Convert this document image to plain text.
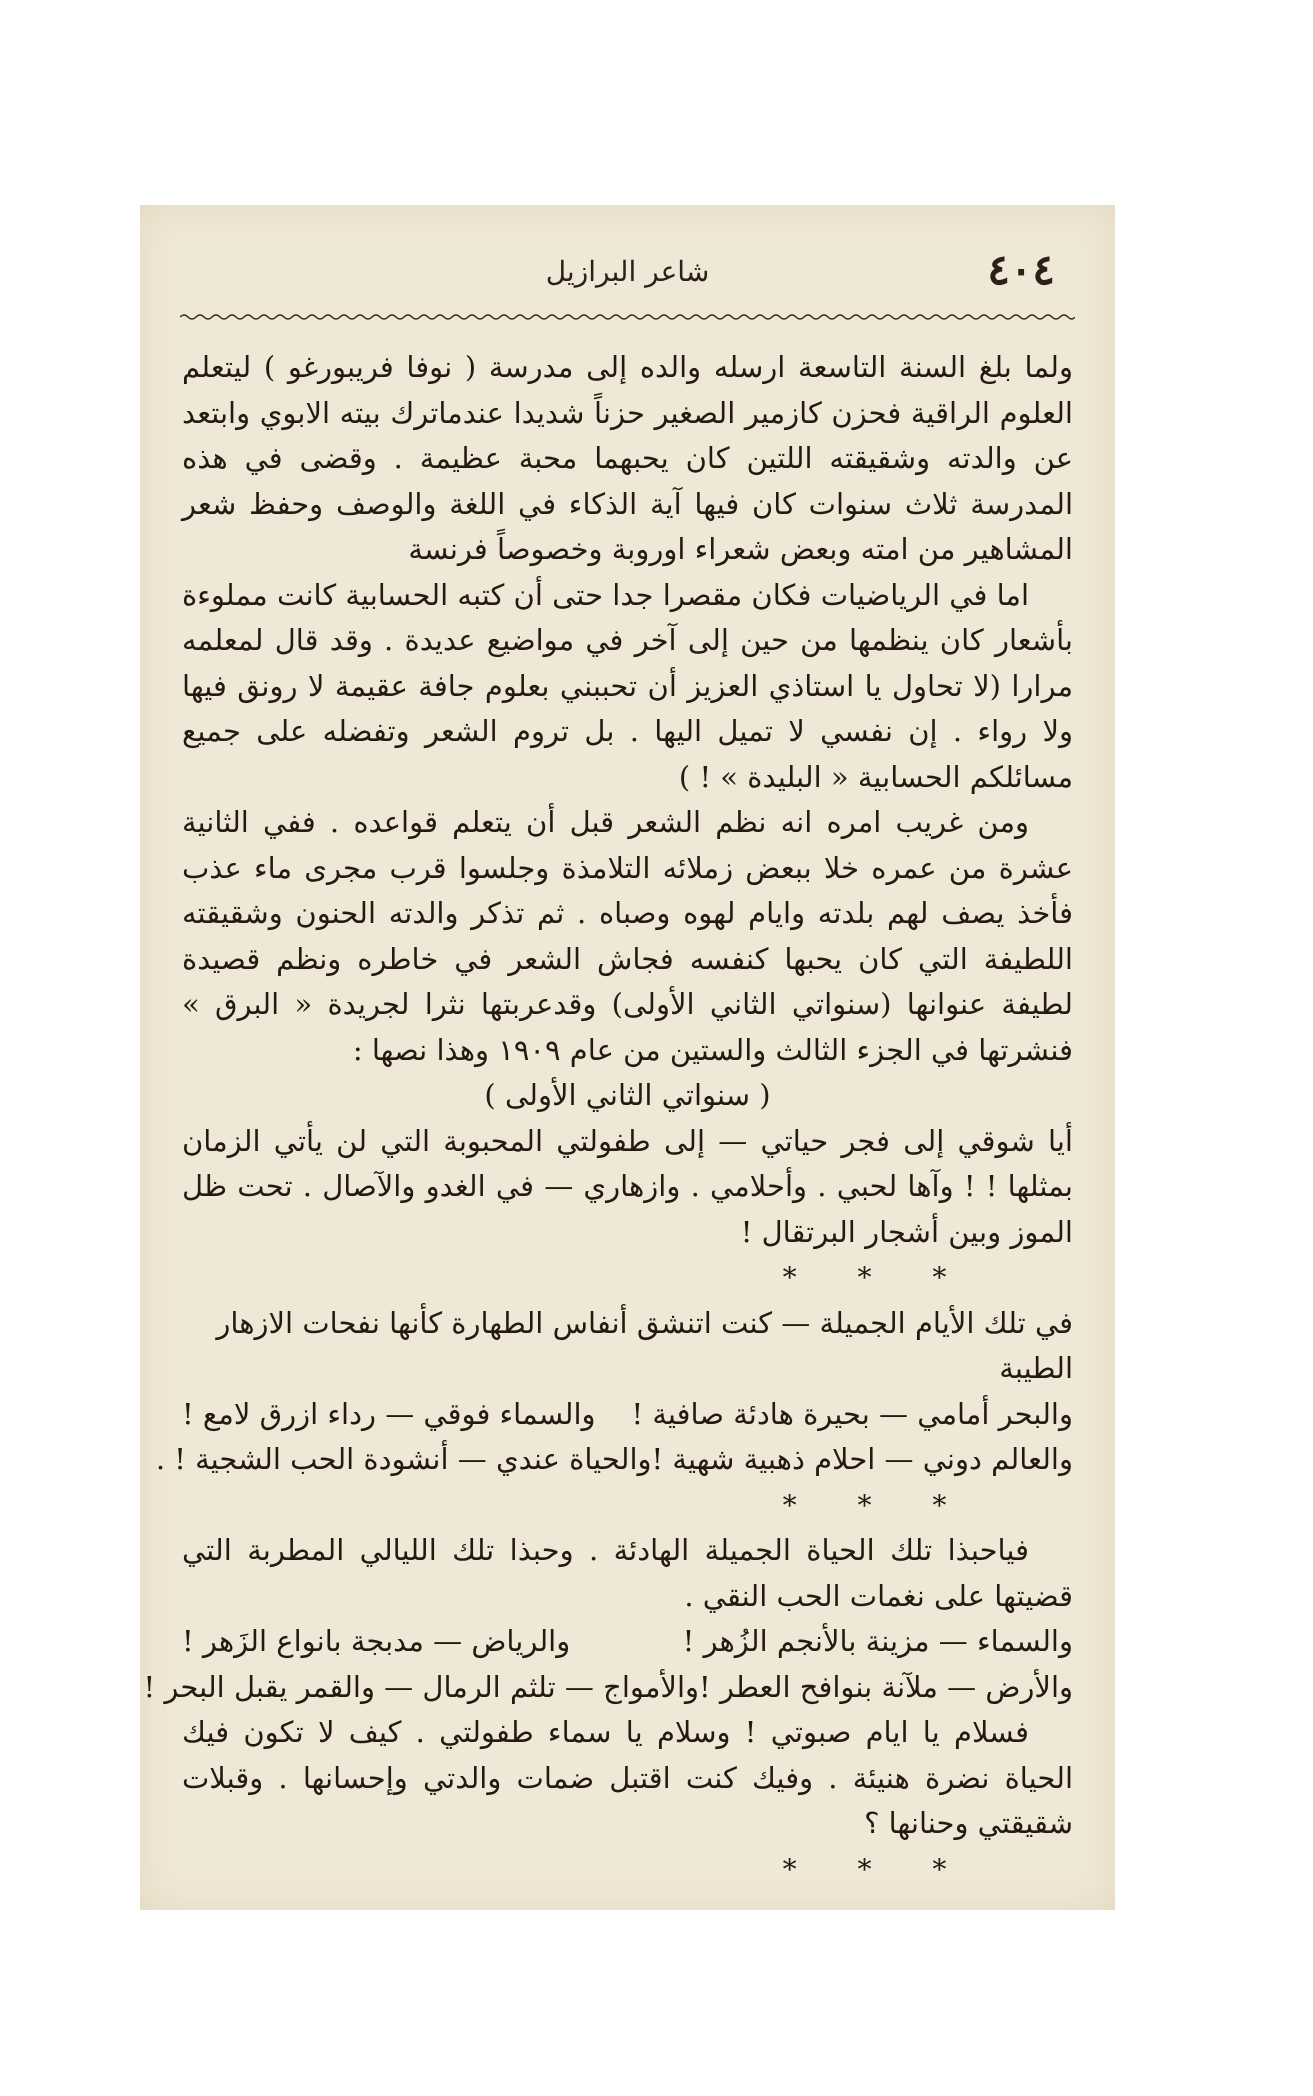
٤٠٤
شاعر البرازيل

ولما بلغ السنة التاسعة ارسله والده إلى مدرسة ( نوفا فريبورغو ) ليتعلم العلوم الراقية فحزن كازمير الصغير حزناً شديدا عندماترك بيته الابوي وابتعد عن والدته وشقيقته اللتين كان يحبهما محبة عظيمة . وقضى في هذه المدرسة ثلاث سنوات كان فيها آية الذكاء في اللغة والوصف وحفظ شعر المشاهير من امته وبعض شعراء اوروبة وخصوصاً فرنسة

اما في الرياضيات فكان مقصرا جدا حتى أن كتبه الحسابية كانت مملوءة بأشعار كان ينظمها من حين إلى آخر في مواضيع عديدة . وقد قال لمعلمه مرارا (لا تحاول يا استاذي العزيز أن تحببني بعلوم جافة عقيمة لا رونق فيها ولا رواء . إن نفسي لا تميل اليها . بل تروم الشعر وتفضله على جميع مسائلكم الحسابية « البليدة » ! )

ومن غريب امره انه نظم الشعر قبل أن يتعلم قواعده . ففي الثانية عشرة من عمره خلا ببعض زملائه التلامذة وجلسوا قرب مجرى ماء عذب فأخذ يصف لهم بلدته وايام لهوه وصباه . ثم تذكر والدته الحنون وشقيقته اللطيفة التي كان يحبها كنفسه فجاش الشعر في خاطره ونظم قصيدة لطيفة عنوانها (سنواتي الثاني الأولى) وقدعربتها نثرا لجريدة « البرق » فنشرتها في الجزء الثالث والستين من عام ١٩٠٩ وهذا نصها :

( سنواتي الثاني الأولى )

أيا شوقي إلى فجر حياتي — إلى طفولتي المحبوبة التي لن يأتي الزمان بمثلها ! ! وآها لحبي . وأحلامي . وازهاري — في الغدو والآصال . تحت ظل الموز وبين أشجار البرتقال !

* * *

في تلك الأيام الجميلة — كنت اتنشق أنفاس الطهارة كأنها نفحات الازهار الطيبة

والبحر أمامي — بحيرة هادئة صافية !
والسماء فوقي — رداء ازرق لامع !
والعالم دوني — احلام ذهبية شهية !
والحياة عندي — أنشودة الحب الشجية ! .

* * *

فياحبذا تلك الحياة الجميلة الهادئة . وحبذا تلك الليالي المطربة التي قضيتها على نغمات الحب النقي .

والسماء — مزينة بالأنجم الزُهر !
والرياض — مدبجة بانواع الزَهر !
والأرض — ملآنة بنوافح العطر !
والأمواج — تلثم الرمال — والقمر يقبل البحر !

فسلام يا ايام صبوتي ! وسلام يا سماء طفولتي . كيف لا تكون فيك الحياة نضرة هنيئة . وفيك كنت اقتبل ضمات والدتي وإحسانها . وقبلات شقيقتي وحنانها ؟

* * *
